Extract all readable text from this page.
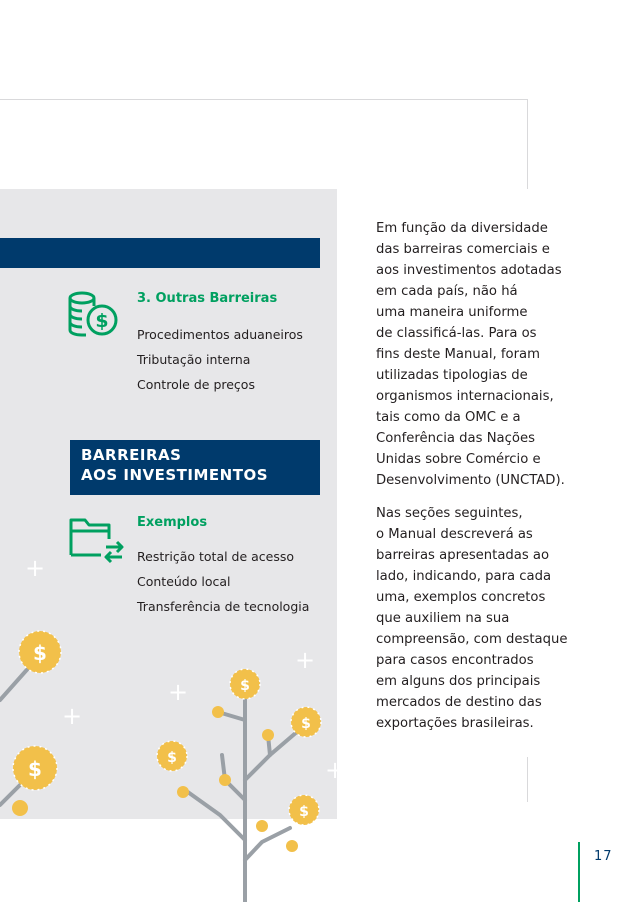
$
3. Outras Barreiras
Procedimentos aduaneiros
Tributação interna
Controle de preços
BARREIRAS
AOS INVESTIMENTOS
Exemplos
Restrição total de acesso
Conteúdo local
Transferência de tecnologia
+
+
+
+
+
$
$
$
$
$
$
Em função da diversidade
das barreiras comerciais e
aos investimentos adotadas
em cada país, não há
uma maneira uniforme
de classificá-las. Para os
fins deste Manual, foram
utilizadas tipologias de
organismos internacionais,
tais como da OMC e a
Conferência das Nações
Unidas sobre Comércio e
Desenvolvimento (UNCTAD).
Nas seções seguintes,
o Manual descreverá as
barreiras apresentadas ao
lado, indicando, para cada
uma, exemplos concretos
que auxiliem na sua
compreensão, com destaque
para casos encontrados
em alguns dos principais
mercados de destino das
exportações brasileiras.
17
